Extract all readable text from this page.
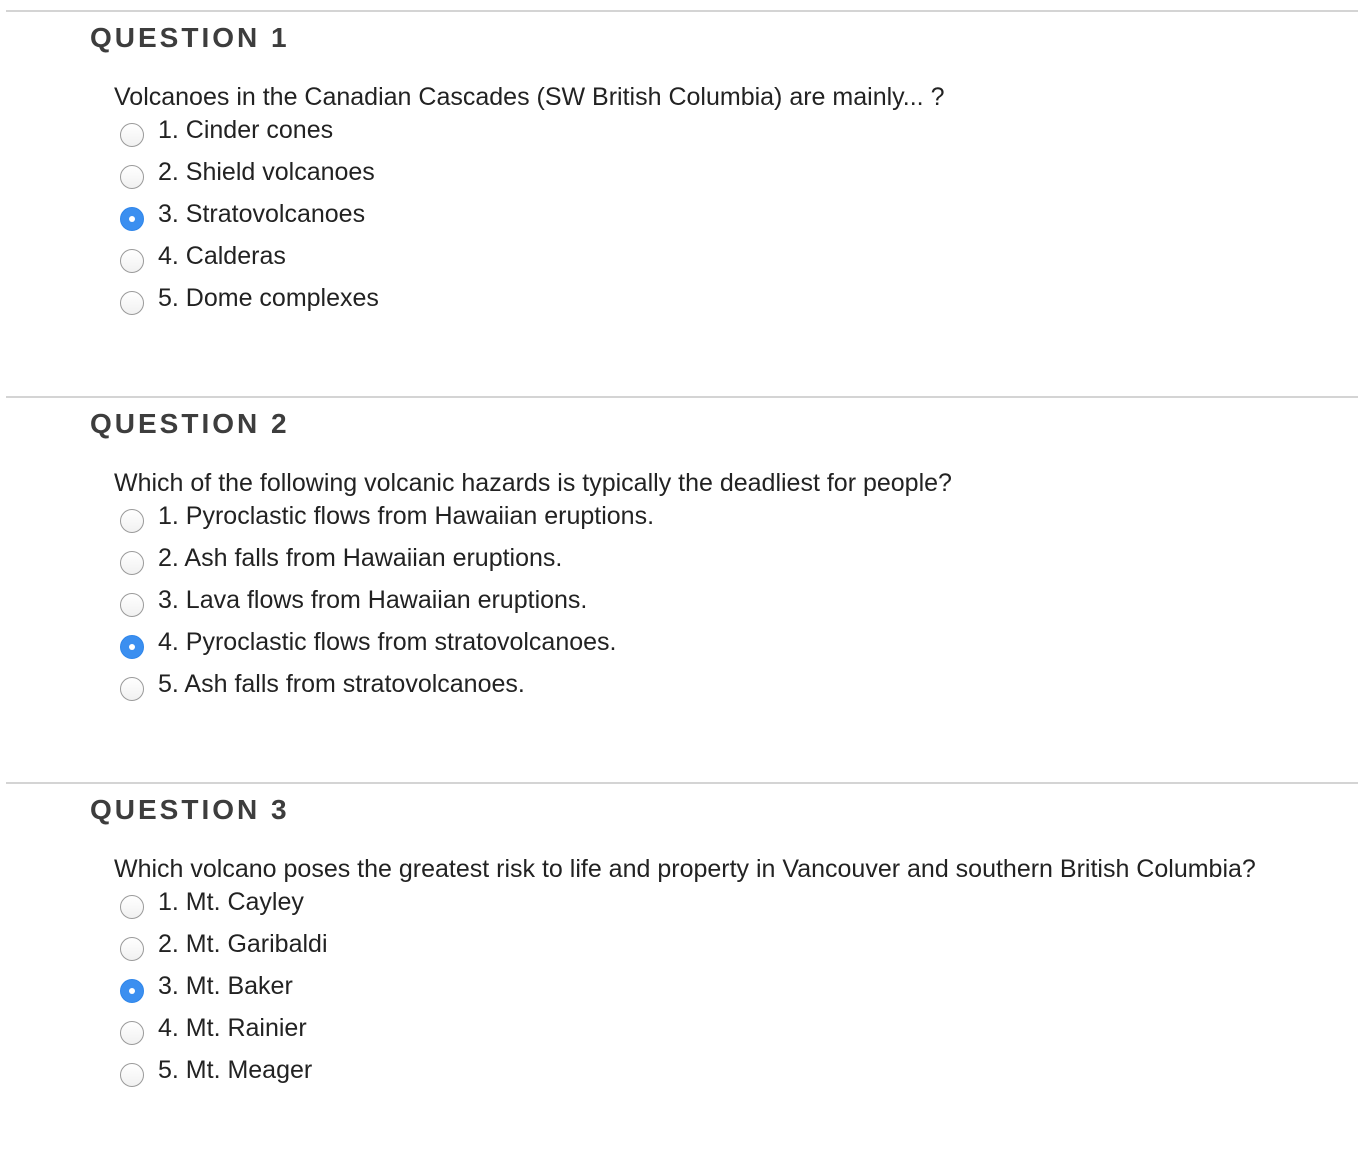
QUESTION 1
Volcanoes in the Canadian Cascades (SW British Columbia) are mainly... ?
1. Cinder cones
2. Shield volcanoes
3. Stratovolcanoes
4. Calderas
5. Dome complexes
QUESTION 2
Which of the following volcanic hazards is typically the deadliest for people?
1. Pyroclastic flows from Hawaiian eruptions.
2. Ash falls from Hawaiian eruptions.
3. Lava flows from Hawaiian eruptions.
4. Pyroclastic flows from stratovolcanoes.
5. Ash falls from stratovolcanoes.
QUESTION 3
Which volcano poses the greatest risk to life and property in Vancouver and southern British Columbia?
1. Mt. Cayley
2. Mt. Garibaldi
3. Mt. Baker
4. Mt. Rainier
5. Mt. Meager
